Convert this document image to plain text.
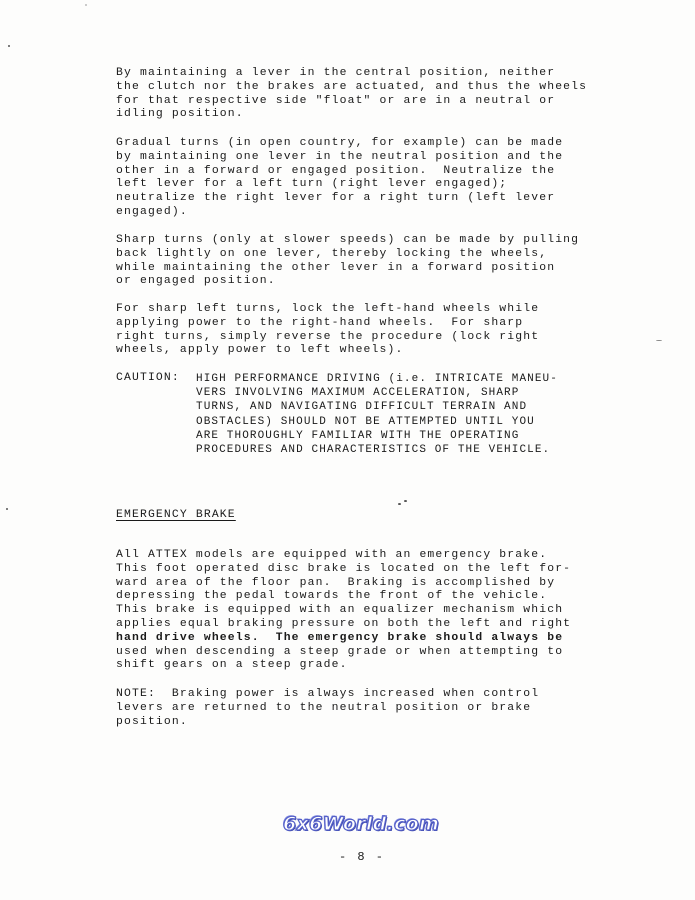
By maintaining a lever in the central position, neither
the clutch nor the brakes are actuated, and thus the wheels
for that respective side "float" or are in a neutral or
idling position.

Gradual turns (in open country, for example) can be made
by maintaining one lever in the neutral position and the
other in a forward or engaged position.  Neutralize the
left lever for a left turn (right lever engaged);
neutralize the right lever for a right turn (left lever
engaged).

Sharp turns (only at slower speeds) can be made by pulling
back lightly on one lever, thereby locking the wheels,
while maintaining the other lever in a forward position
or engaged position.

For sharp left turns, lock the left-hand wheels while
applying power to the right-hand wheels.  For sharp
right turns, simply reverse the procedure (lock right
wheels, apply power to left wheels).

CAUTION: HIGH PERFORMANCE DRIVING (i.e. INTRICATE MANEU-
VERS INVOLVING MAXIMUM ACCELERATION, SHARP
TURNS, AND NAVIGATING DIFFICULT TERRAIN AND
OBSTACLES) SHOULD NOT BE ATTEMPTED UNTIL YOU
ARE THOROUGHLY FAMILIAR WITH THE OPERATING
PROCEDURES AND CHARACTERISTICS OF THE VEHICLE.
EMERGENCY BRAKE

All ATTEX models are equipped with an emergency brake.
This foot operated disc brake is located on the left for-
ward area of the floor pan.  Braking is accomplished by
depressing the pedal towards the front of the vehicle.
This brake is equipped with an equalizer mechanism which
applies equal braking pressure on both the left and right
hand drive wheels.  The emergency brake should always be
used when descending a steep grade or when attempting to
shift gears on a steep grade.

NOTE:  Braking power is always increased when control
levers are returned to the neutral position or brake
position.

6x6World.com
- 8 -
